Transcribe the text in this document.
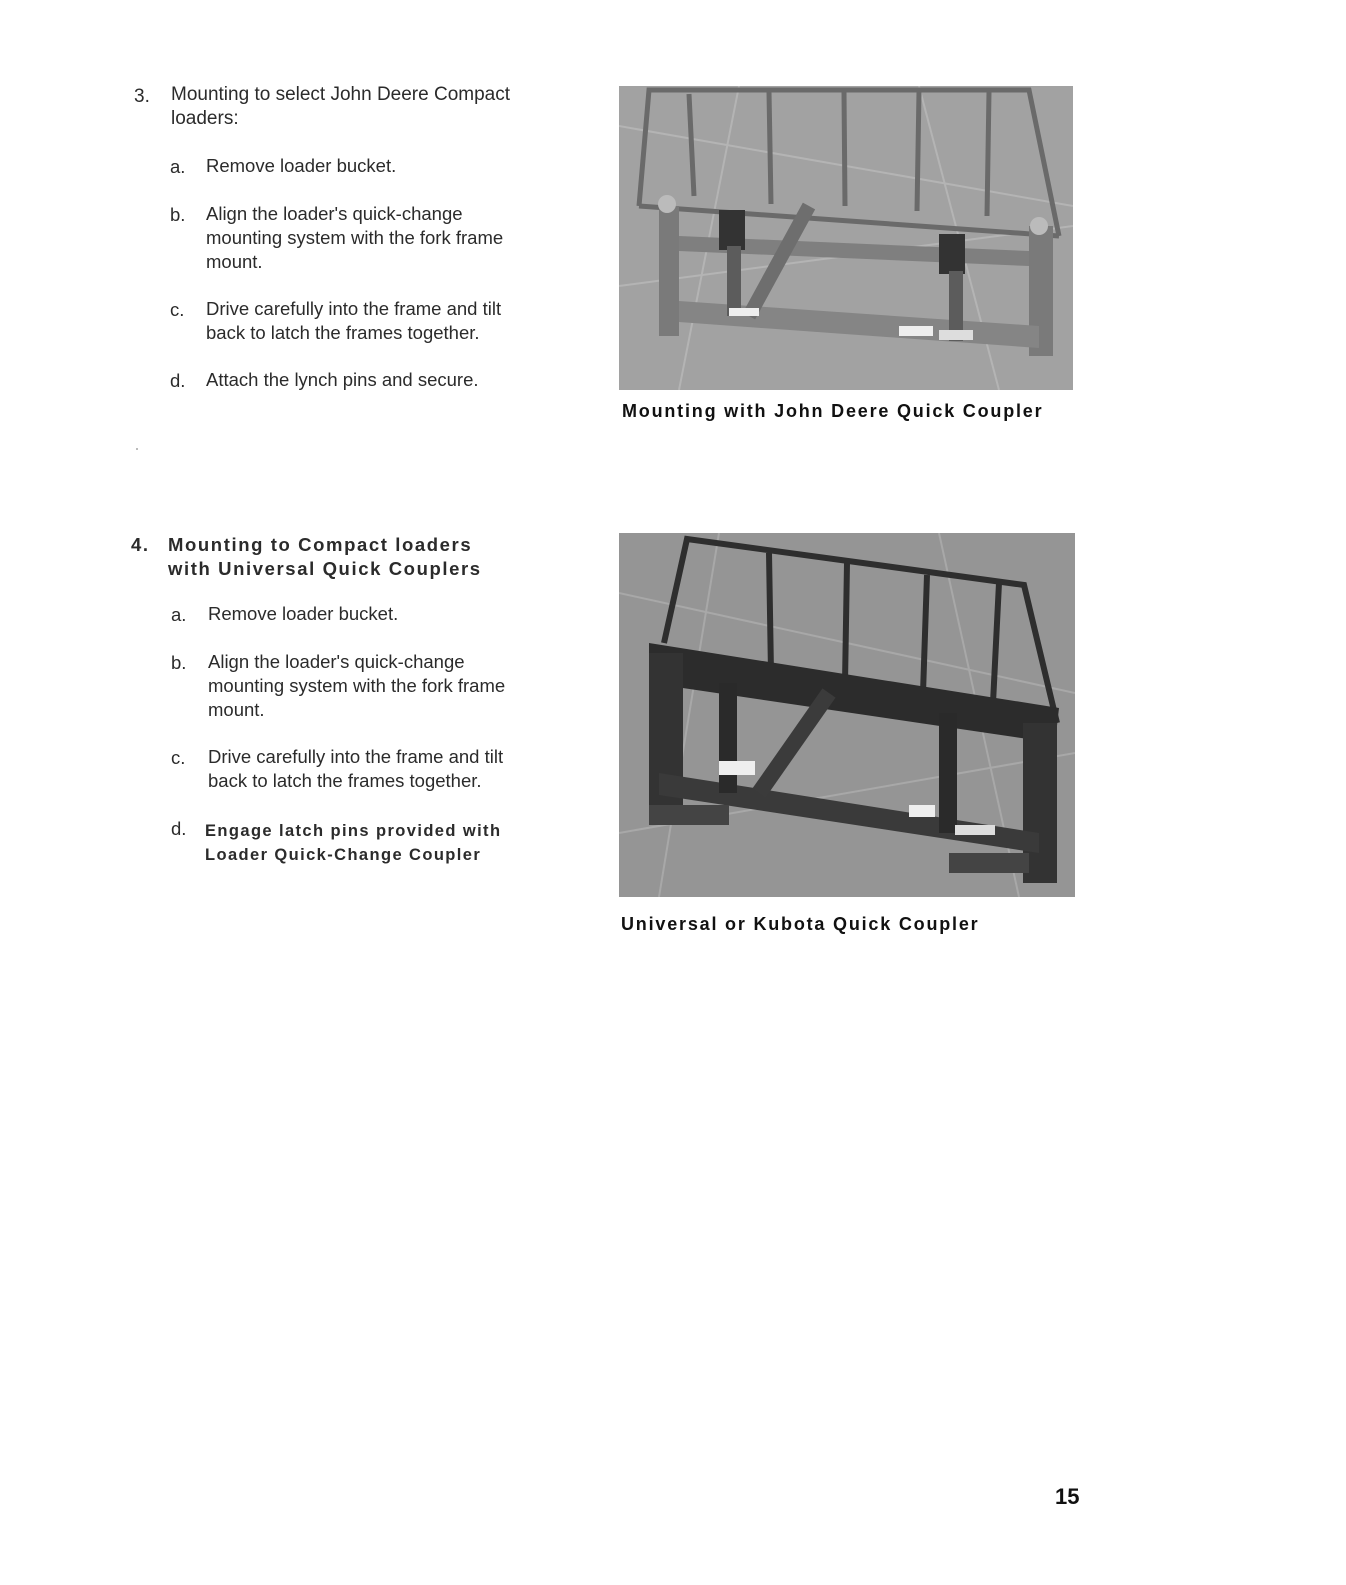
3. Mounting to select John Deere Compact loaders:
a. Remove loader bucket.
b. Align the loader's quick-change mounting system with the fork frame mount.
c. Drive carefully into the frame and tilt back to latch the frames together.
d. Attach the lynch pins and secure.
Mounting with John Deere Quick Coupler
4. Mounting to Compact loaders with Universal Quick Couplers
a. Remove loader bucket.
b. Align the loader's quick-change mounting system with the fork frame mount.
c. Drive carefully into the frame and tilt back to latch the frames together.
d. Engage latch pins provided with Loader Quick-Change Coupler
Universal or Kubota Quick Coupler
15
